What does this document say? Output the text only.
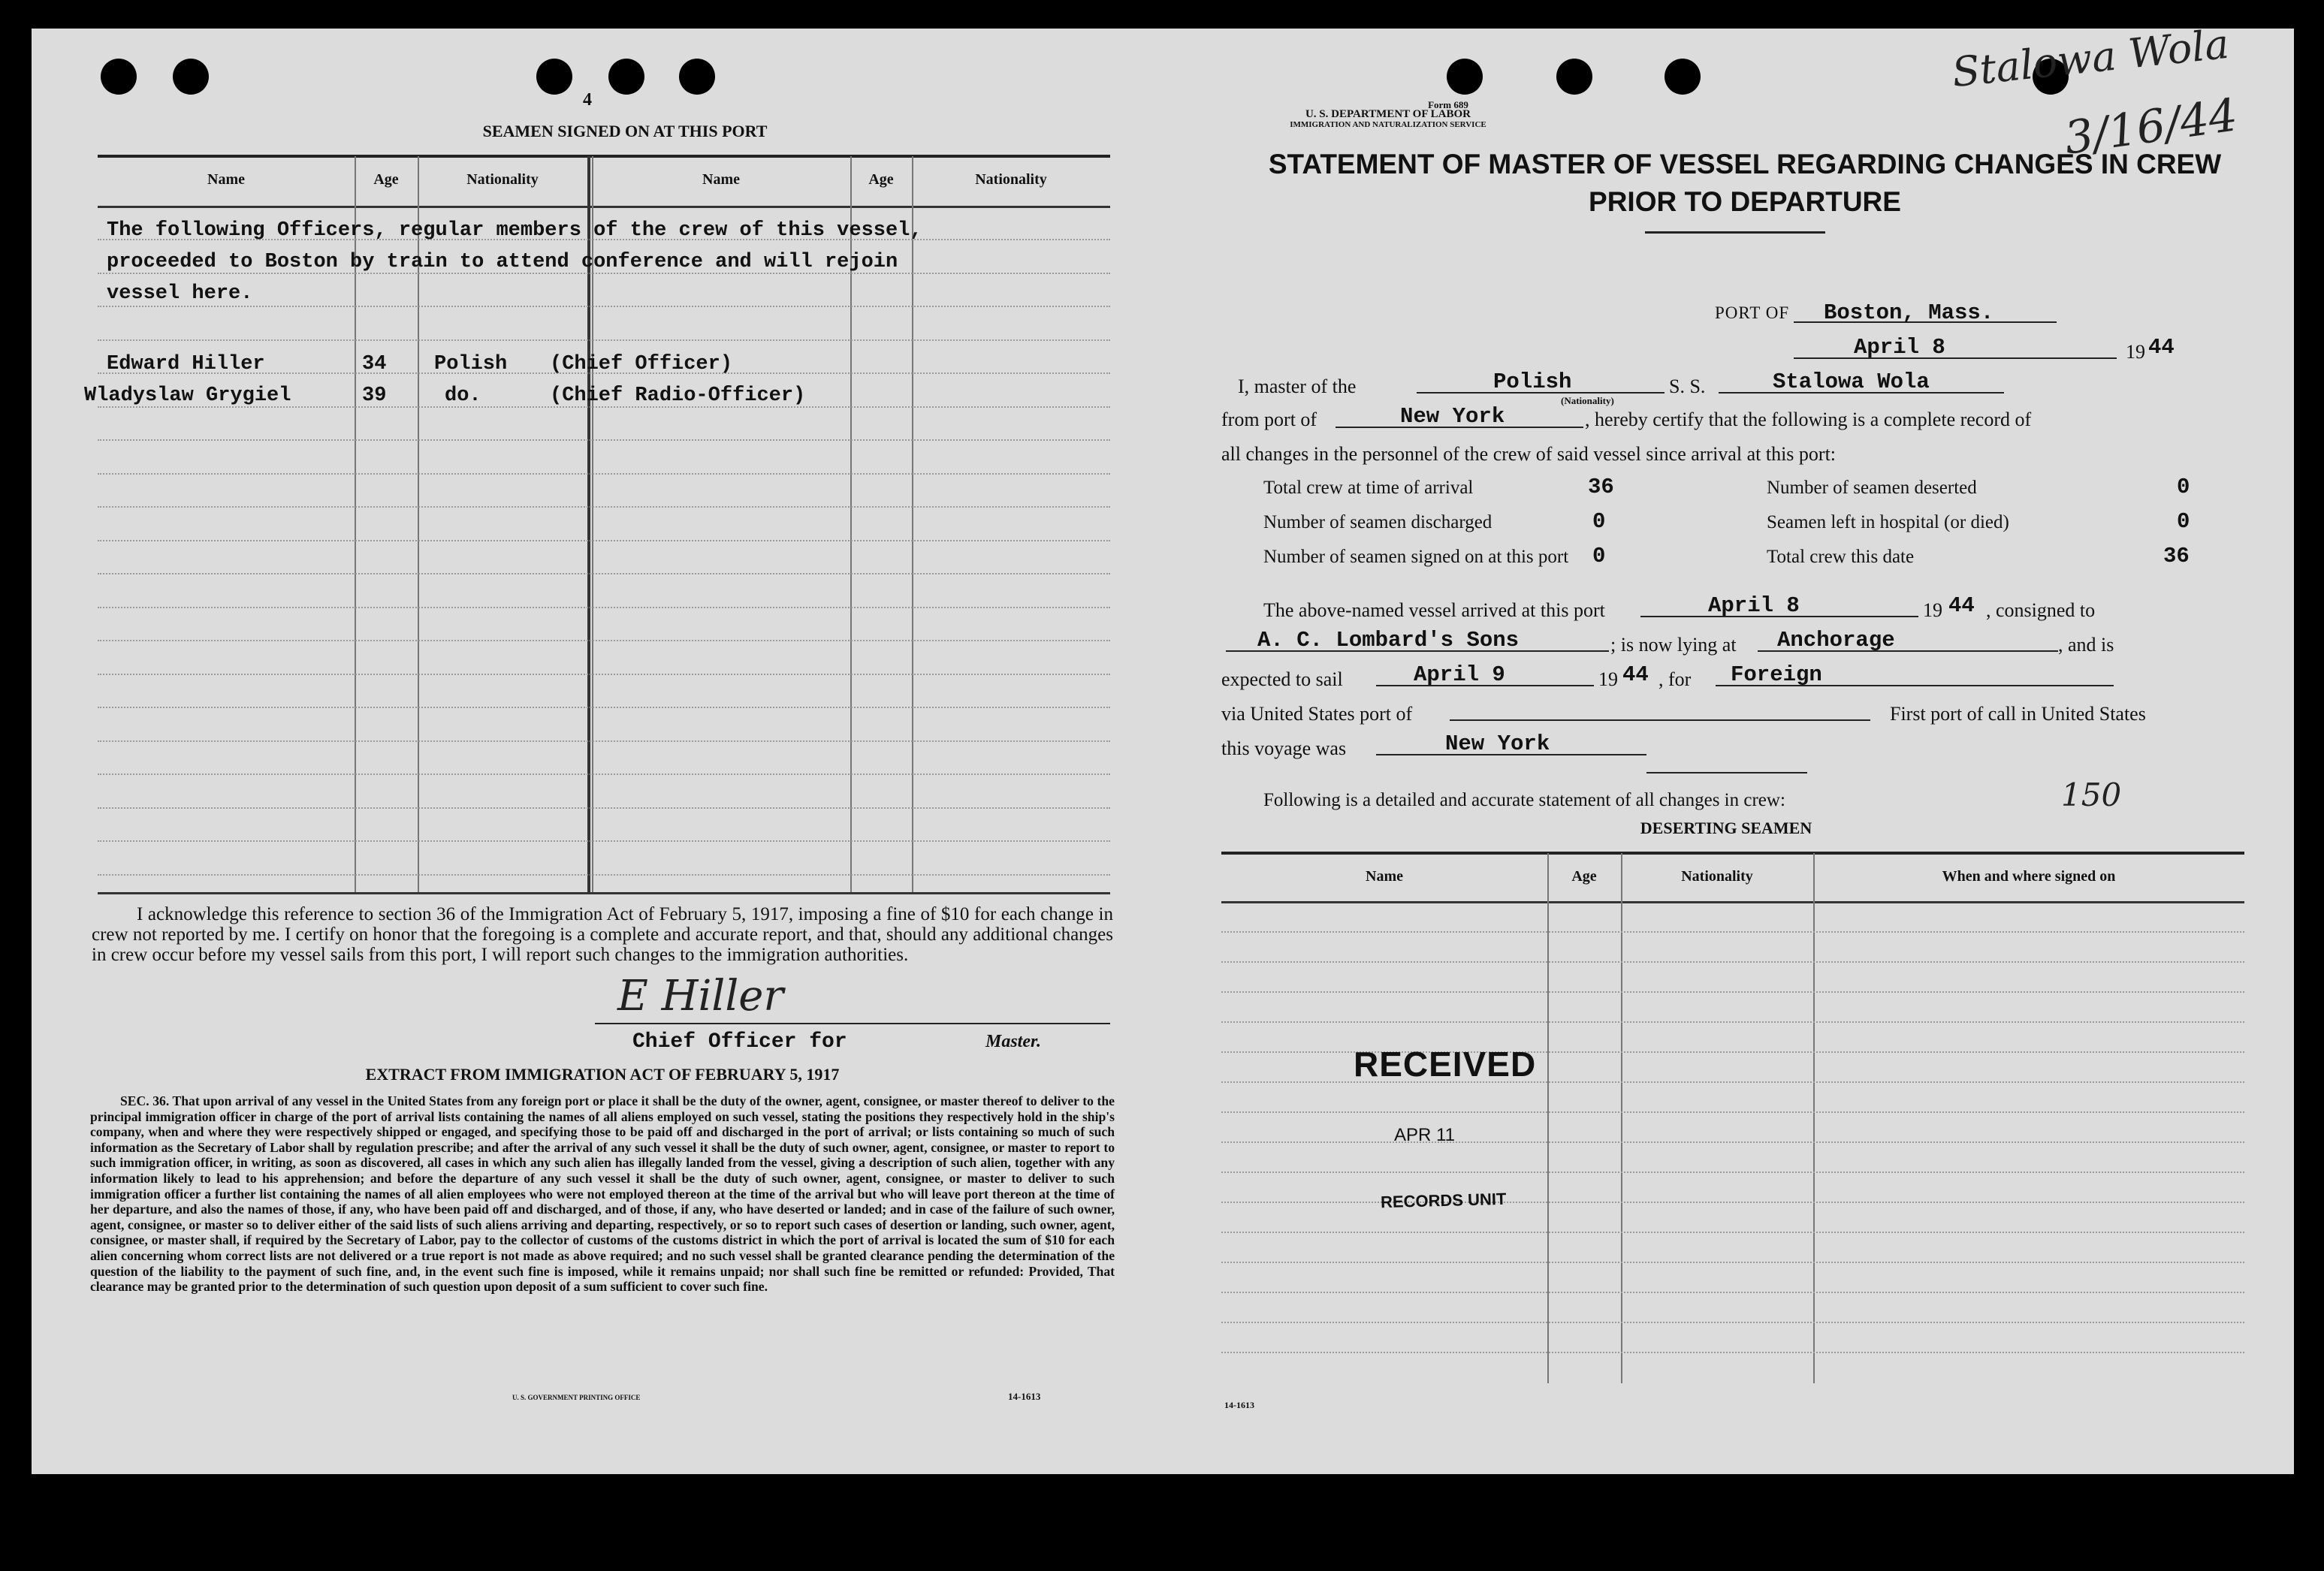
4
SEAMEN SIGNED ON AT THIS PORT
Name	Age	Nationality	Name	Age	Nationality
The following Officers, regular members of the crew of this vessel,
proceeded to Boston by train to attend conference and will rejoin
vessel here.
Edward Hiller	34 Polish (Chief Officer)
Wladyslaw Grygiel	39	do.	(Chief Radio-Officer)
I acknowledge this reference to section 36 of the Immigration Act of February 5, 1917, imposing a fine of $10 for each change in crew not reported by me. I certify on honor that the foregoing is a complete and accurate report, and that, should any additional changes in crew occur before my vessel sails from this port, I will report such changes to the immigration authorities.
E Hiller
Chief Officer for	Master.
EXTRACT FROM IMMIGRATION ACT OF FEBRUARY 5, 1917
SEC. 36. That upon arrival of any vessel in the United States from any foreign port or place it shall be the duty of the owner, agent, consignee, or master thereof to deliver to the principal immigration officer in charge of the port of arrival lists containing the names of all aliens employed on such vessel, stating the positions they respectively hold in the ship's company, when and where they were respectively shipped or engaged, and specifying those to be paid off and discharged in the port of arrival; or lists containing so much of such information as the Secretary of Labor shall by regulation prescribe; and after the arrival of any such vessel it shall be the duty of such owner, agent, consignee, or master to report to such immigration officer, in writing, as soon as discovered, all cases in which any such alien has illegally landed from the vessel, giving a description of such alien, together with any information likely to lead to his apprehension; and before the departure of any such vessel it shall be the duty of such owner, agent, consignee, or master to deliver to such immigration officer a further list containing the names of all alien employees who were not employed thereon at the time of the arrival but who will leave port thereon at the time of her departure, and also the names of those, if any, who have been paid off and discharged, and of those, if any, who have deserted or landed; and in case of the failure of such owner, agent, consignee, or master so to deliver either of the said lists of such aliens arriving and departing, respectively, or so to report such cases of desertion or landing, such owner, agent, consignee, or master shall, if required by the Secretary of Labor, pay to the collector of customs of the customs district in which the port of arrival is located the sum of $10 for each alien concerning whom correct lists are not delivered or a true report is not made as above required; and no such vessel shall be granted clearance pending the determination of the question of the liability to the payment of such fine, and, in the event such fine is imposed, while it remains unpaid; nor shall such fine be remitted or refunded: Provided, That clearance may be granted prior to the determination of such question upon deposit of a sum sufficient to cover such fine.
U. S. GOVERNMENT PRINTING OFFICE	14-1613
Stalowa Wola
3/16/44
Form 689
U. S. DEPARTMENT OF LABOR
IMMIGRATION AND NATURALIZATION SERVICE
STATEMENT OF MASTER OF VESSEL REGARDING CHANGES IN CREW
PRIOR TO DEPARTURE
PORT OF Boston, Mass.
April 8	19 44
I, master of the	Polish
(Nationality)
S. S.	Stalowa Wola
from port of	New York	, hereby certify that the following is a complete record of
all changes in the personnel of the crew of said vessel since arrival at this port:
Total crew at time of arrival	36	Number of seamen deserted	0
Number of seamen discharged	0	Seamen left in hospital (or died)	0
Number of seamen signed on at this port 0	Total crew this date	36
The above-named vessel arrived at this port	April 8	19 44 , consigned to
A. C. Lombard's Sons	; is now lying at Anchorage	, and is
expected to sail	April 9	19 44 , for Foreign
via United States port of	First port of call in United States
this voyage was	New York
Following is a detailed and accurate statement of all changes in crew:	150
DESERTING SEAMEN
Name	Age	Nationality	When and where signed on
RECEIVED
APR 11
RECORDS UNIT
14-1613
